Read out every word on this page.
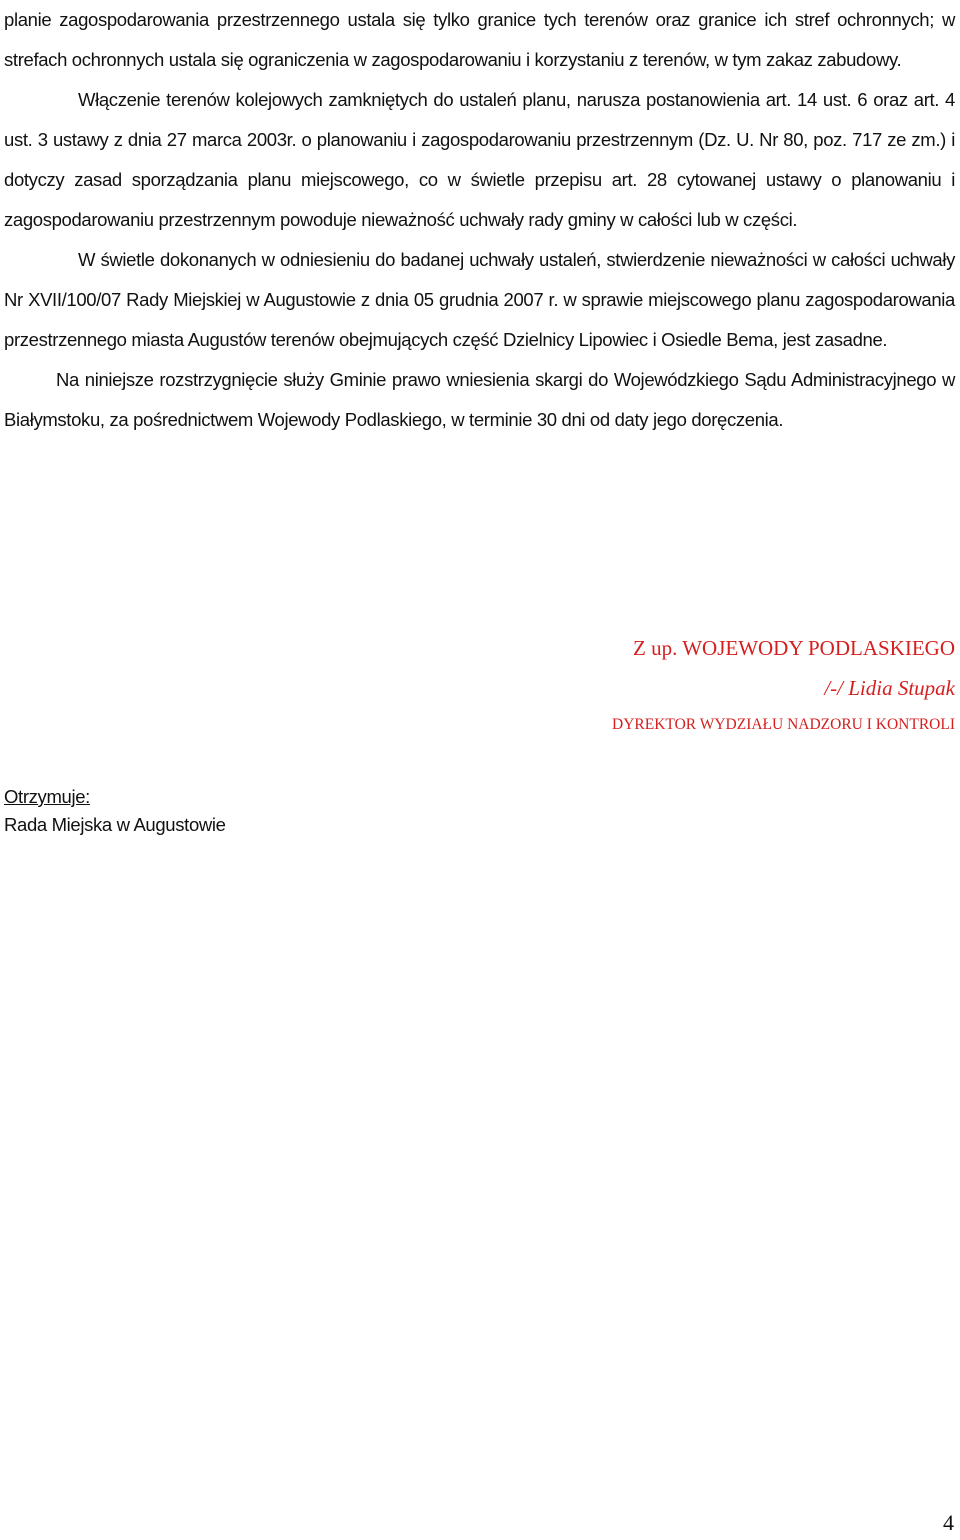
planie zagospodarowania przestrzennego ustala się tylko granice tych terenów oraz granice ich stref ochronnych; w strefach ochronnych ustala się ograniczenia w zagospodarowaniu i korzystaniu z terenów, w tym zakaz zabudowy.

Włączenie terenów kolejowych zamkniętych do ustaleń planu, narusza postanowienia art. 14 ust. 6 oraz art. 4 ust. 3 ustawy z dnia 27 marca 2003r. o planowaniu i zagospodarowaniu przestrzennym (Dz. U. Nr 80, poz. 717 ze zm.) i dotyczy zasad sporządzania planu miejscowego, co w świetle przepisu art. 28 cytowanej ustawy o planowaniu i zagospodarowaniu przestrzennym powoduje nieważność uchwały rady gminy w całości lub w części.

W świetle dokonanych w odniesieniu do badanej uchwały ustaleń, stwierdzenie nieważności w całości uchwały Nr XVII/100/07 Rady Miejskiej w Augustowie z dnia 05 grudnia 2007 r. w sprawie miejscowego planu zagospodarowania przestrzennego miasta Augustów terenów obejmujących część Dzielnicy Lipowiec i Osiedle Bema, jest zasadne.

Na niniejsze rozstrzygnięcie służy Gminie prawo wniesienia skargi do Wojewódzkiego Sądu Administracyjnego w Białymstoku, za pośrednictwem Wojewody Podlaskiego, w terminie 30 dni od daty jego doręczenia.

Z up. WOJEWODY PODLASKIEGO
/-/ Lidia Stupak
DYREKTOR WYDZIAŁU NADZORU I KONTROLI
Otrzymuje:
Rada Miejska w Augustowie
4
